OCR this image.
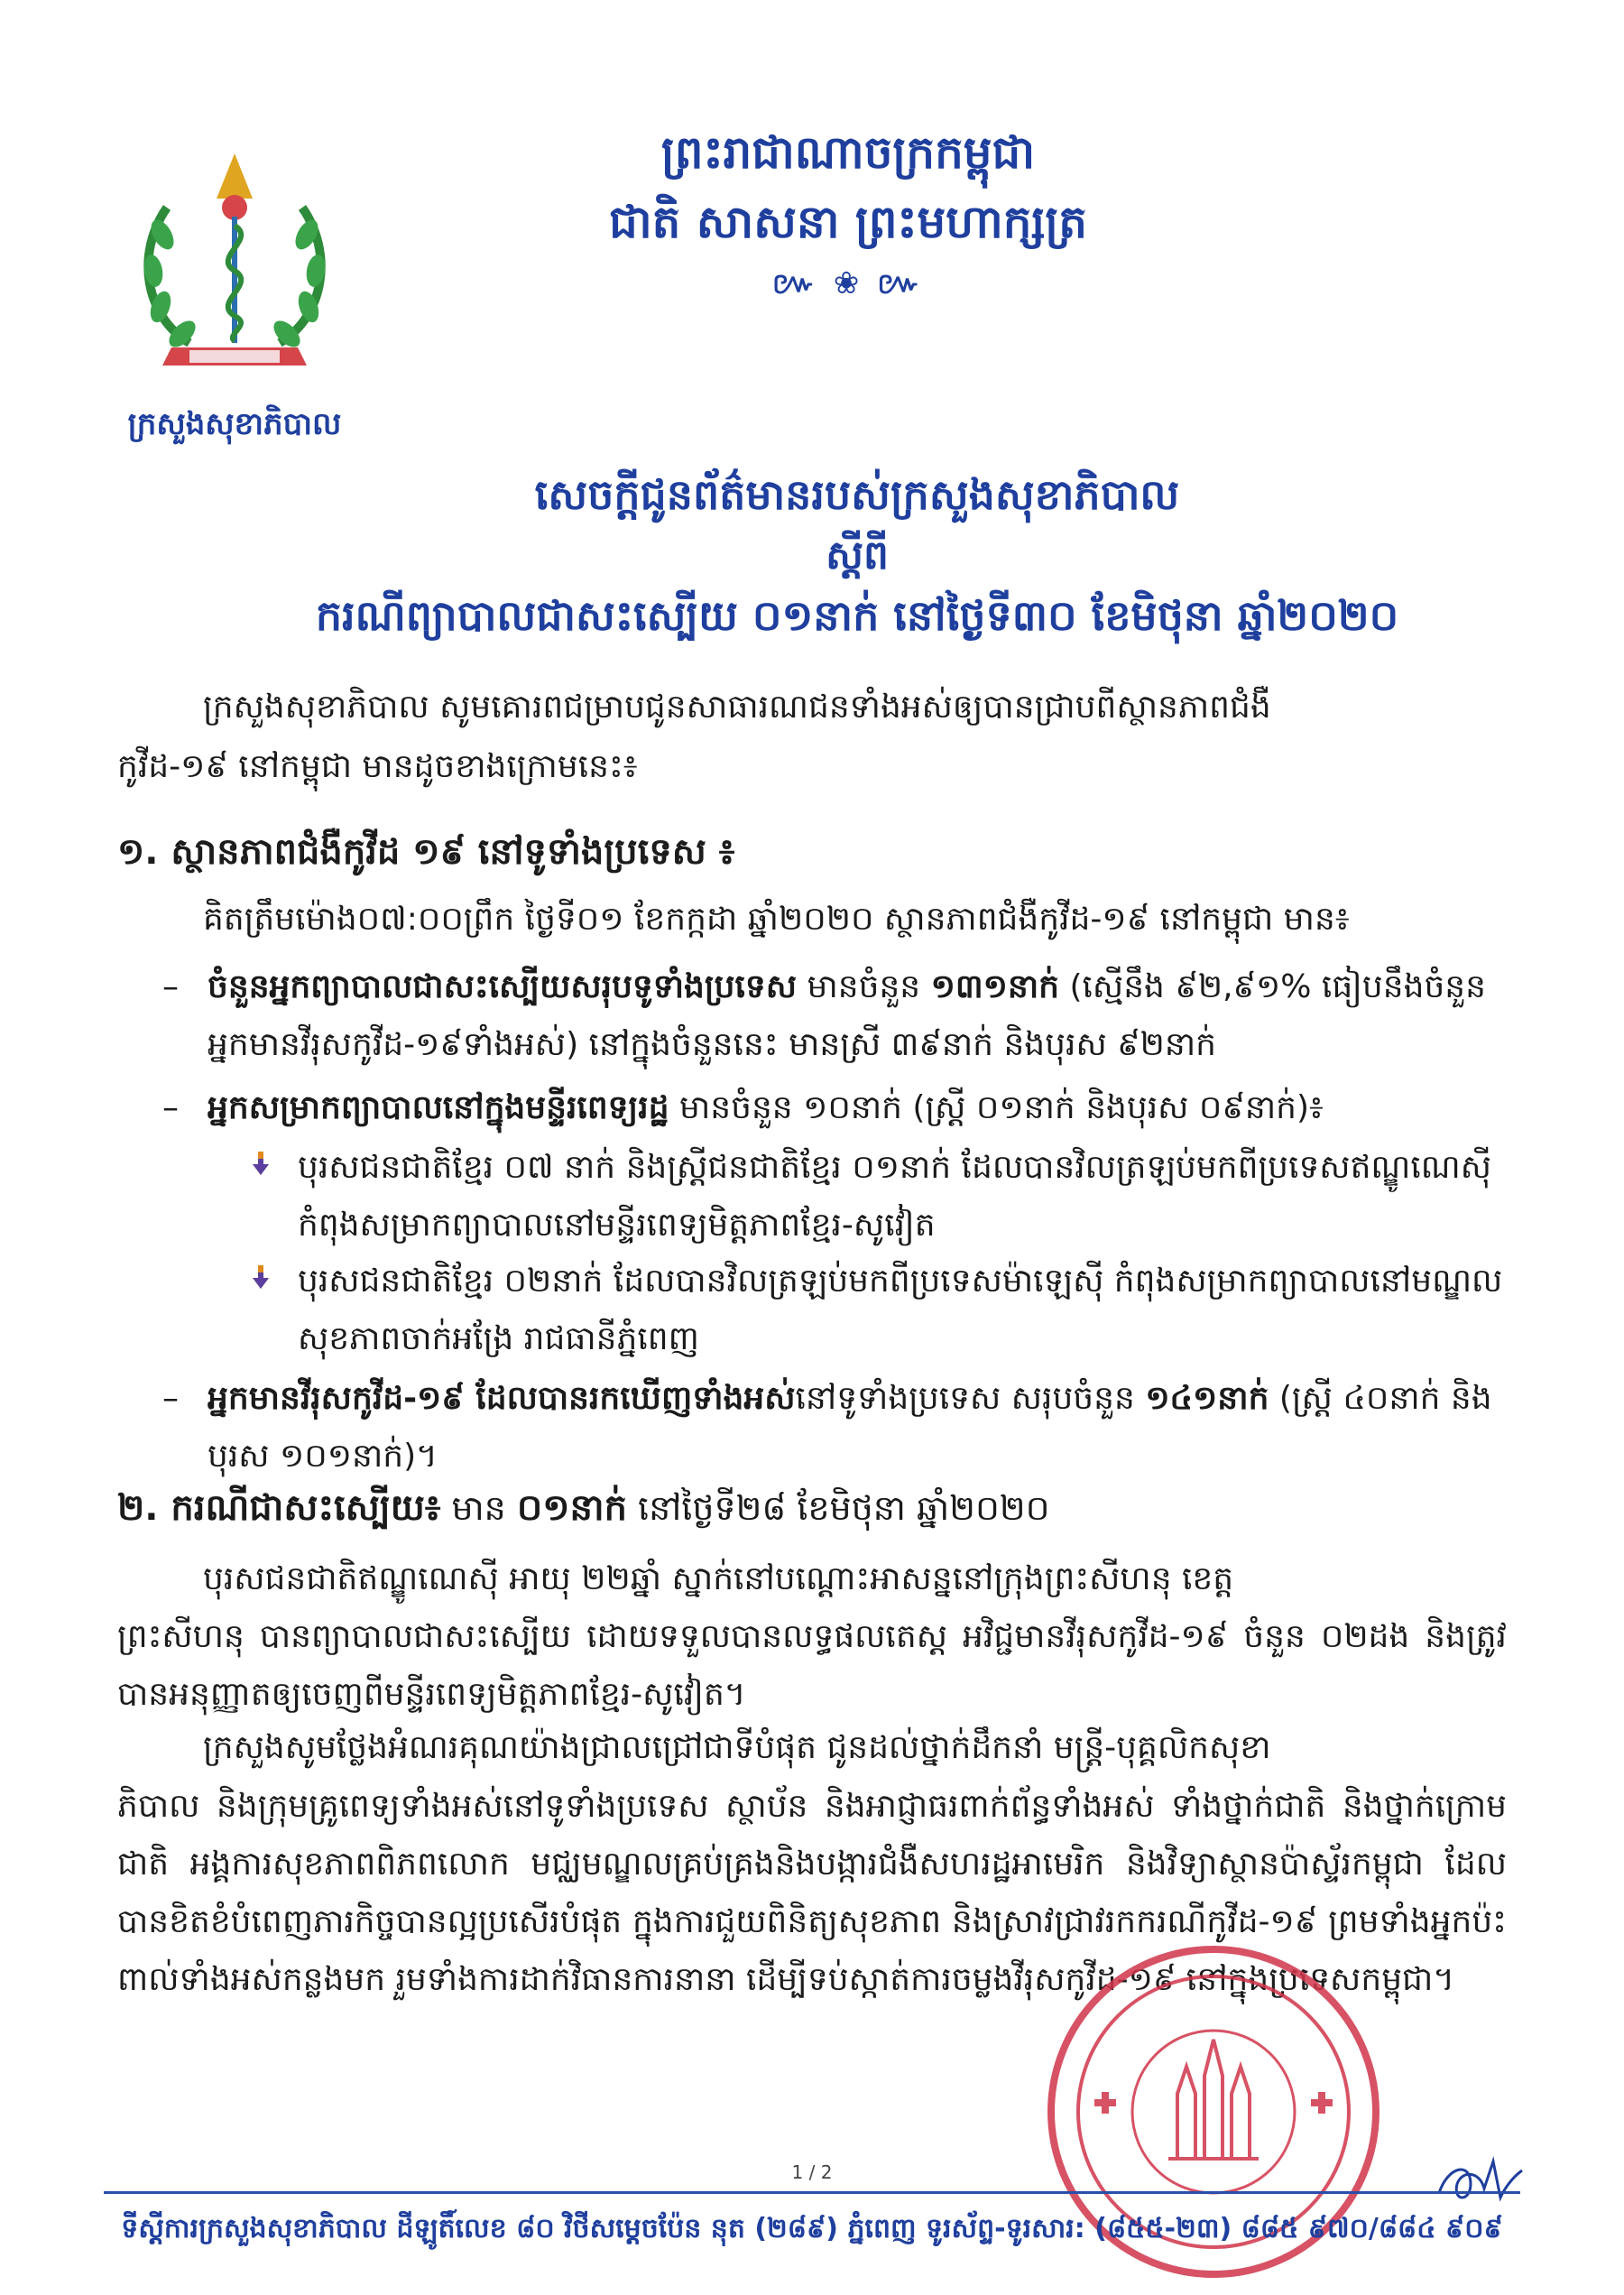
ព្រះរាជាណាចក្រកម្ពុជា
ជាតិ សាសនា ព្រះមហាក្សត្រ
៚ ❀ ៚
ក្រសួងសុខាភិបាល
សេចក្តីជូនព័ត៌មានរបស់ក្រសួងសុខាភិបាល
ស្តីពី
ករណីព្យាបាលជាសះស្បើយ ០១នាក់ នៅថ្ងៃទី៣០ ខែមិថុនា ឆ្នាំ២០២០
ក្រសួងសុខាភិបាល សូមគោរពជម្រាបជូនសាធារណជនទាំងអស់ឲ្យបានជ្រាបពីស្ថានភាពជំងឺ
កូវីដ-១៩ នៅកម្ពុជា មានដូចខាងក្រោមនេះ៖
១. ស្ថានភាពជំងឺកូវីដ ១៩ នៅទូទាំងប្រទេស ៖
គិតត្រឹមម៉ោង០៧:០០ព្រឹក ថ្ងៃទី០១ ខែកក្កដា ឆ្នាំ២០២០ ស្ថានភាពជំងឺកូវីដ-១៩ នៅកម្ពុជា មាន៖
– ចំនួនអ្នកព្យាបាលជាសះស្បើយសរុបទូទាំងប្រទេស មានចំនួន ១៣១នាក់ (ស្មើនឹង ៩២,៩១% ធៀបនឹងចំនួនអ្នកមានវីរុសកូវីដ-១៩ទាំងអស់) នៅក្នុងចំនួននេះ មានស្រី ៣៩នាក់ និងបុរស ៩២នាក់
– អ្នកសម្រាកព្យាបាលនៅក្នុងមន្ទីរពេទ្យរដ្ឋ មានចំនួន ១០នាក់ (ស្ត្រី ០១នាក់ និងបុរស ០៩នាក់)៖
បុរសជនជាតិខ្មែរ ០៧ នាក់ និងស្ត្រីជនជាតិខ្មែរ ០១នាក់ ដែលបានវិលត្រឡប់មកពីប្រទេសឥណ្ឌូណេស៊ីកំពុងសម្រាកព្យាបាលនៅមន្ទីរពេទ្យមិត្តភាពខ្មែរ-សូវៀត
បុរសជនជាតិខ្មែរ ០២នាក់ ដែលបានវិលត្រឡប់មកពីប្រទេសម៉ាឡេស៊ី កំពុងសម្រាកព្យាបាលនៅមណ្ឌលសុខភាពចាក់អង្រែ រាជធានីភ្នំពេញ
– អ្នកមានវីរុសកូវីដ-១៩ ដែលបានរកឃើញទាំងអស់នៅទូទាំងប្រទេស សរុបចំនួន ១៤១នាក់ (ស្ត្រី ៤០នាក់ និងបុរស ១០១នាក់)។
២. ករណីជាសះស្បើយ៖ មាន ០១នាក់ នៅថ្ងៃទី២៨ ខែមិថុនា ឆ្នាំ២០២០
បុរសជនជាតិឥណ្ឌូណេស៊ី អាយុ ២២ឆ្នាំ ស្នាក់នៅបណ្តោះអាសន្ននៅក្រុងព្រះសីហនុ ខេត្ត
ព្រះសីហនុ បានព្យាបាលជាសះស្បើយ ដោយទទួលបានលទ្ធផលតេស្ត អវិជ្ជមានវីរុសកូវីដ-១៩ ចំនួន ០២ដង និងត្រូវបានអនុញ្ញាតឲ្យចេញពីមន្ទីរពេទ្យមិត្តភាពខ្មែរ-សូវៀត។
ក្រសួងសូមថ្លែងអំណរគុណយ៉ាងជ្រាលជ្រៅជាទីបំផុត ជូនដល់ថ្នាក់ដឹកនាំ មន្ត្រី-បុគ្គលិកសុខា
ភិបាល និងក្រុមគ្រូពេទ្យទាំងអស់នៅទូទាំងប្រទេស ស្ថាប័ន និងអាជ្ញាធរពាក់ព័ន្ធទាំងអស់ ទាំងថ្នាក់ជាតិ និងថ្នាក់ក្រោមជាតិ អង្គការសុខភាពពិភពលោក មជ្ឈមណ្ឌលគ្រប់គ្រងនិងបង្ការជំងឺសហរដ្ឋអាមេរិក និងវិទ្យាស្ថានប៉ាស្ទ័រកម្ពុជា ដែលបានខិតខំបំពេញភារកិច្ចបានល្អប្រសើរបំផុត ក្នុងការជួយពិនិត្យសុខភាព និងស្រាវជ្រាវរកករណីកូវីដ-១៩ ព្រមទាំងអ្នកប៉ះពាល់ទាំងអស់កន្លងមក រួមទាំងការដាក់វិធានការនានា ដើម្បីទប់ស្កាត់ការចម្លងវីរុសកូវីដ-១៩ នៅក្នុងប្រទេសកម្ពុជា។
1 / 2
ទីស្តីការក្រសួងសុខាភិបាល ដីឡូតិ៍លេខ ៨០ វិថីសម្តេចប៉ែន នុត (២៨៩) ភ្នំពេញ ទូរស័ព្ទ-ទូរសារ: (៨៥៥-២៣) ៨៨៥ ៩៧០/៨៨៤ ៩០៩
